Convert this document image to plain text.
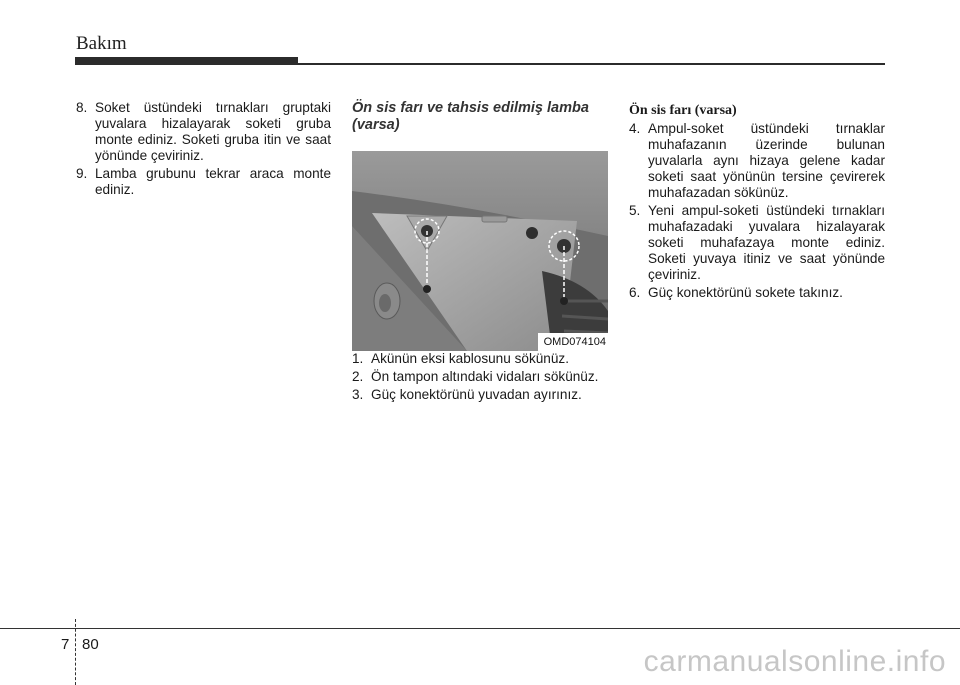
Bakım
8. Soket üstündeki tırnakları gruptaki yuvalara hizalayarak soketi gruba monte ediniz. Soketi gruba itin ve saat yönünde çeviriniz.
9. Lamba grubunu tekrar araca monte ediniz.
Ön sis farı ve tahsis edilmiş lamba (varsa)
OMD074104
1. Akünün eksi kablosunu sökünüz.
2. Ön tampon altındaki vidaları sökünüz.
3. Güç konektörünü yuvadan ayırınız.
Ön sis farı (varsa)
4. Ampul-soket üstündeki tırnaklar muhafazanın üzerinde bulunan yuvalarla aynı hizaya gelene kadar soketi saat yönünün tersine çevirerek muhafazadan sökünüz.
5. Yeni ampul-soketi üstündeki tırnakları muhafazadaki yuvalara hizalayarak soketi muhafazaya monte ediniz. Soketi yuvaya itiniz ve saat yönünde çeviriniz.
6. Güç konektörünü sokete takınız.
7 80
carmanualsonline.info
